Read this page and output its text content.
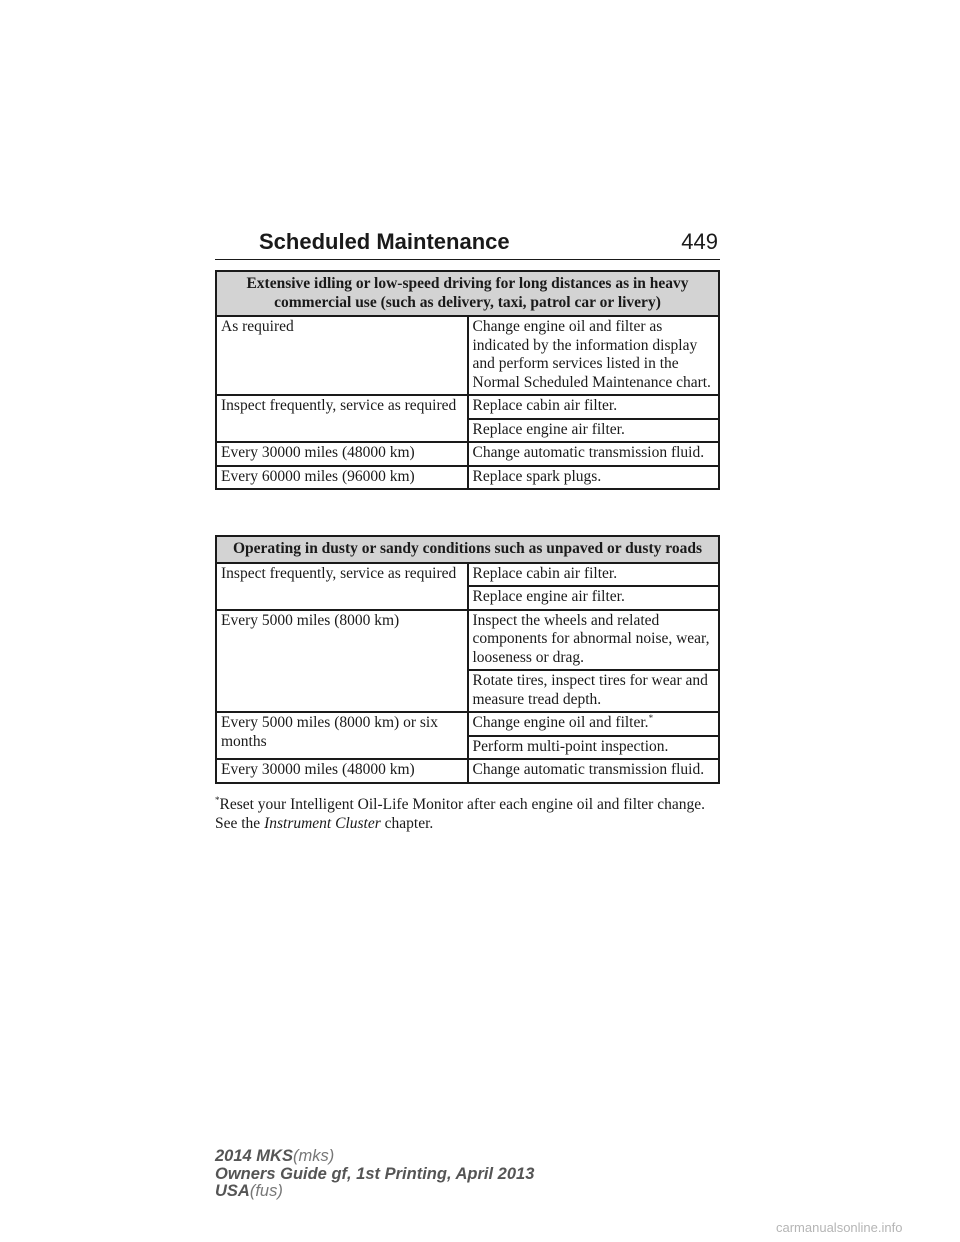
Scheduled Maintenance	449
Extensive idling or low-speed driving for long distances as in heavy commercial use (such as delivery, taxi, patrol car or livery)	
As required	Change engine oil and filter as indicated by the information display and perform services listed in the Normal Scheduled Maintenance chart.
Inspect frequently, service as required	Replace cabin air filter.
	Replace engine air filter.
Every 30000 miles (48000 km)	Change automatic transmission fluid.
Every 60000 miles (96000 km)	Replace spark plugs.
Operating in dusty or sandy conditions such as unpaved or dusty roads	
Inspect frequently, service as required	Replace cabin air filter.
	Replace engine air filter.
Every 5000 miles (8000 km)	Inspect the wheels and related components for abnormal noise, wear, looseness or drag.
	Rotate tires, inspect tires for wear and measure tread depth.
Every 5000 miles (8000 km) or six months	Change engine oil and filter.*
	Perform multi-point inspection.
Every 30000 miles (48000 km)	Change automatic transmission fluid.
*Reset your Intelligent Oil-Life Monitor after each engine oil and filter change. See the Instrument Cluster chapter.
2014 MKS(mks)
Owners Guide gf, 1st Printing, April 2013
USA(fus)
carmanualsonline.info
